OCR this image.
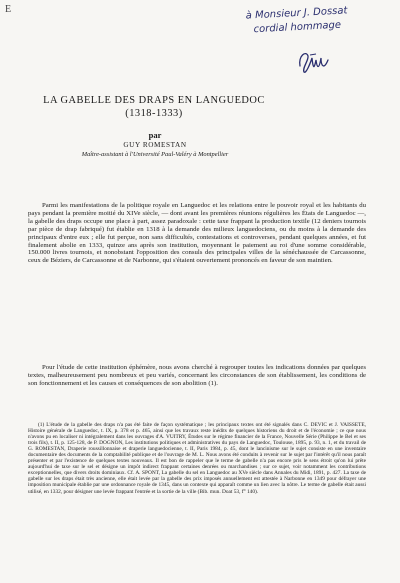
E	à Monsieur J. Dossat
cordial hommage
LA GABELLE DES DRAPS EN LANGUEDOC
(1318-1333)
par
GUY ROMESTAN
Maître-assistant à l'Université Paul-Valéry à Montpellier

Parmi les manifestations de la politique royale en Languedoc et les relations entre le pouvoir royal et les habitants du pays pendant la première moitié du XIVe siècle, — dont avant les premières réunions régulières les États de Languedoc —, la gabelle des draps occupe une place à part, assez paradoxale : cette taxe frappant la production textile (12 deniers tournois par pièce de drap fabriqué) fut établie en 1318 à la demande des milieux languedociens, ou du moins à la demande des principaux d'entre eux ; elle fut perçue, non sans difficultés, contestations et controverses, pendant quelques années, et fut finalement abolie en 1333, quinze ans après son institution, moyennant le paiement au roi d'une somme considérable, 150.000 livres tournois, et nonobstant l'opposition des consuls des principales villes de la sénéchaussée de Carcassonne, ceux de Béziers, de Carcassonne et de Narbonne, qui s'étaient ouvertement prononcés en faveur de son maintien.

Pour l'étude de cette institution éphémère, nous avons cherché à regrouper toutes les indications données par quelques textes, malheureusement peu nombreux et peu variés, concernant les circonstances de son établissement, les conditions de son fonctionnement et les causes et conséquences de son abolition (1).

(1) L'étude de la gabelle des draps n'a pas été faite de façon systématique ; les principaux textes ont été signalés dans C. DEVIC et J. VAISSETE, Histoire générale de Languedoc, t. IX, p. 378 et p. 465, ainsi que les travaux reste inédits de quelques historiens du droit et de l'économie ; ce que nous n'avons pu en localiser ni intégralement dans les ouvrages d'A. VUITRY, Études sur le régime financier de la France, Nouvelle Série (Philippe le Bel et ses trois fils), t. II, p. 125-128, de P. DOGNON, Les institutions politiques et administratives du pays de Languedoc, Toulouse, 1895, p. 93, n. 1, et du travail de G. ROMESTAN, Draperie roussillonnaise et draperie languedocienne, t. II, Paris 1984, p. 45, dont le lancinisme sur le sujet consiste en une inventaire documentaire des documents de la comptabilité publique et de l'ouvrage de M. L. Nous avons été conduits à revenir sur le sujet par l'intérêt qu'il nous paraît présenter et par l'existence de quelques textes nouveaux. Il est bon de rappeler que le terme de gabelle n'a pas encore pris le sens étroit qu'on lui prête aujourd'hui de taxe sur le sel et désigne un impôt indirect frappant certaines denrées ou marchandises ; sur ce sujet, voir notamment les contributions exceptionnelles, que divers droits dominiaux. Cf. A. SPONT, La gabelle du sel en Languedoc au XVe siècle dans Annales du Midi, 1891, p. 427. La taxe de gabelle sur les draps était très ancienne, elle était levée par la gabelle des prix imposés annuellement est attestée à Narbonne en 1349 pour défrayer une imposition municipale établie par une ordonnance royale de 1345, dans un contexte qui apparaît comme un lien avec la nôtre. Le terme de gabelle était aussi utilisé, en 1332, pour désigner une levée frappant l'entrée et la sortie de la ville (Bib. mun. Doat 53, f° 140).
